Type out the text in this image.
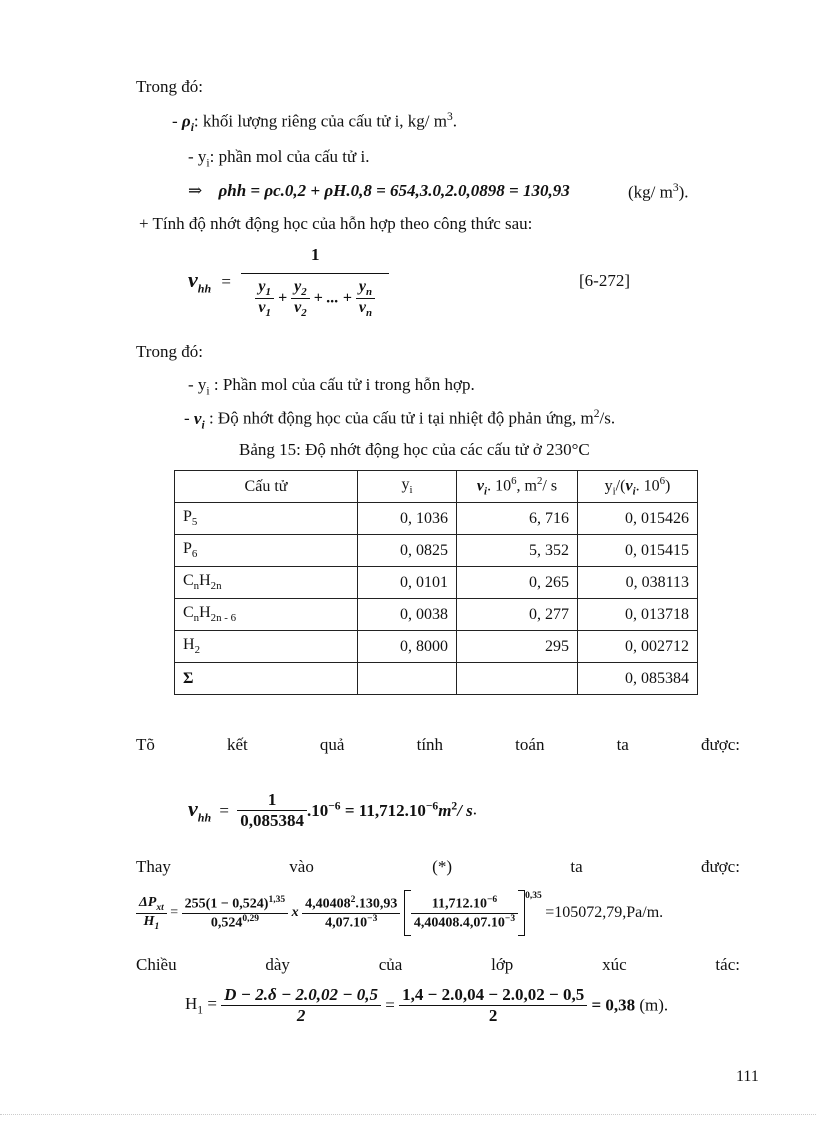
Trong đó:
- $\rho_i$: khối lượng riêng của cấu tử i, kg/ $m^3$.
- $y_i$: phần mol của cấu tử i.
⇒ ρhh = ρc.0,2 + ρH.0,8 = 654,3.0,2.0,0898 = 130,93	(kg/ $m^3$).
+ Tính độ nhớt động học của hỗn hợp theo công thức sau:
$\nu_{hh} = \frac{1}{\frac{y_1}{\nu_1} + \frac{y_2}{\nu_2} + ... + \frac{y_n}{\nu_n}}$	[6-272]
Trong đó:
- $y_i$ : Phần mol của cấu tử i trong hỗn hợp.
- $\nu_i$ : Độ nhớt động học của cấu tử i tại nhiệt độ phản ứng, $m^2/s$.
Bảng 15: Độ nhớt động học của các cấu tử ở 230°C
Cấu tử	$y_i$	$\nu_i$. $10^6$, $m^2/$ s	$y_i/(\nu_i$. $10^6$)
$P_5$	0, 1036	6, 716	0, 015426
$P_6$	0, 0825	5, 352	0, 015415
$C_nH_{2n}$	0, 0101	0, 265	0, 038113
$C_nH_{2n - 6}$	0, 0038	0, 277	0, 013718
$H_2$	0, 8000	295	0, 002712
Σ			0, 085384
Tõ	kết	quả	tính	toán	ta	được:
$\nu_{hh} = \frac{1}{0,085384} .10^{-6} = 11,712.10^{-6}m^2/$ s.
Thay	vào	(*)	ta	được:
$\frac{\Delta P_{xt}}{H_1} = \frac{255(1 - 0,524)^{1,35}}{0,524^{0,29}}$ x $\frac{4,40408^2.130,93}{4,07.10^{-3}}$
$\frac{11,712.10^{-6}}{4,40408.4,07.10^{-3}} ^{0,35} =105072,79,Pa/m$.
Chiều	dày	của	lớp	xúc	tác:
$H_1 = \frac{D - 2.\delta - 2.0,02 - 0,5}{2} = \frac{1,4 - 2.0,04 - 2.0,02 - 0,5}{2} = 0,38$ (m).
111
